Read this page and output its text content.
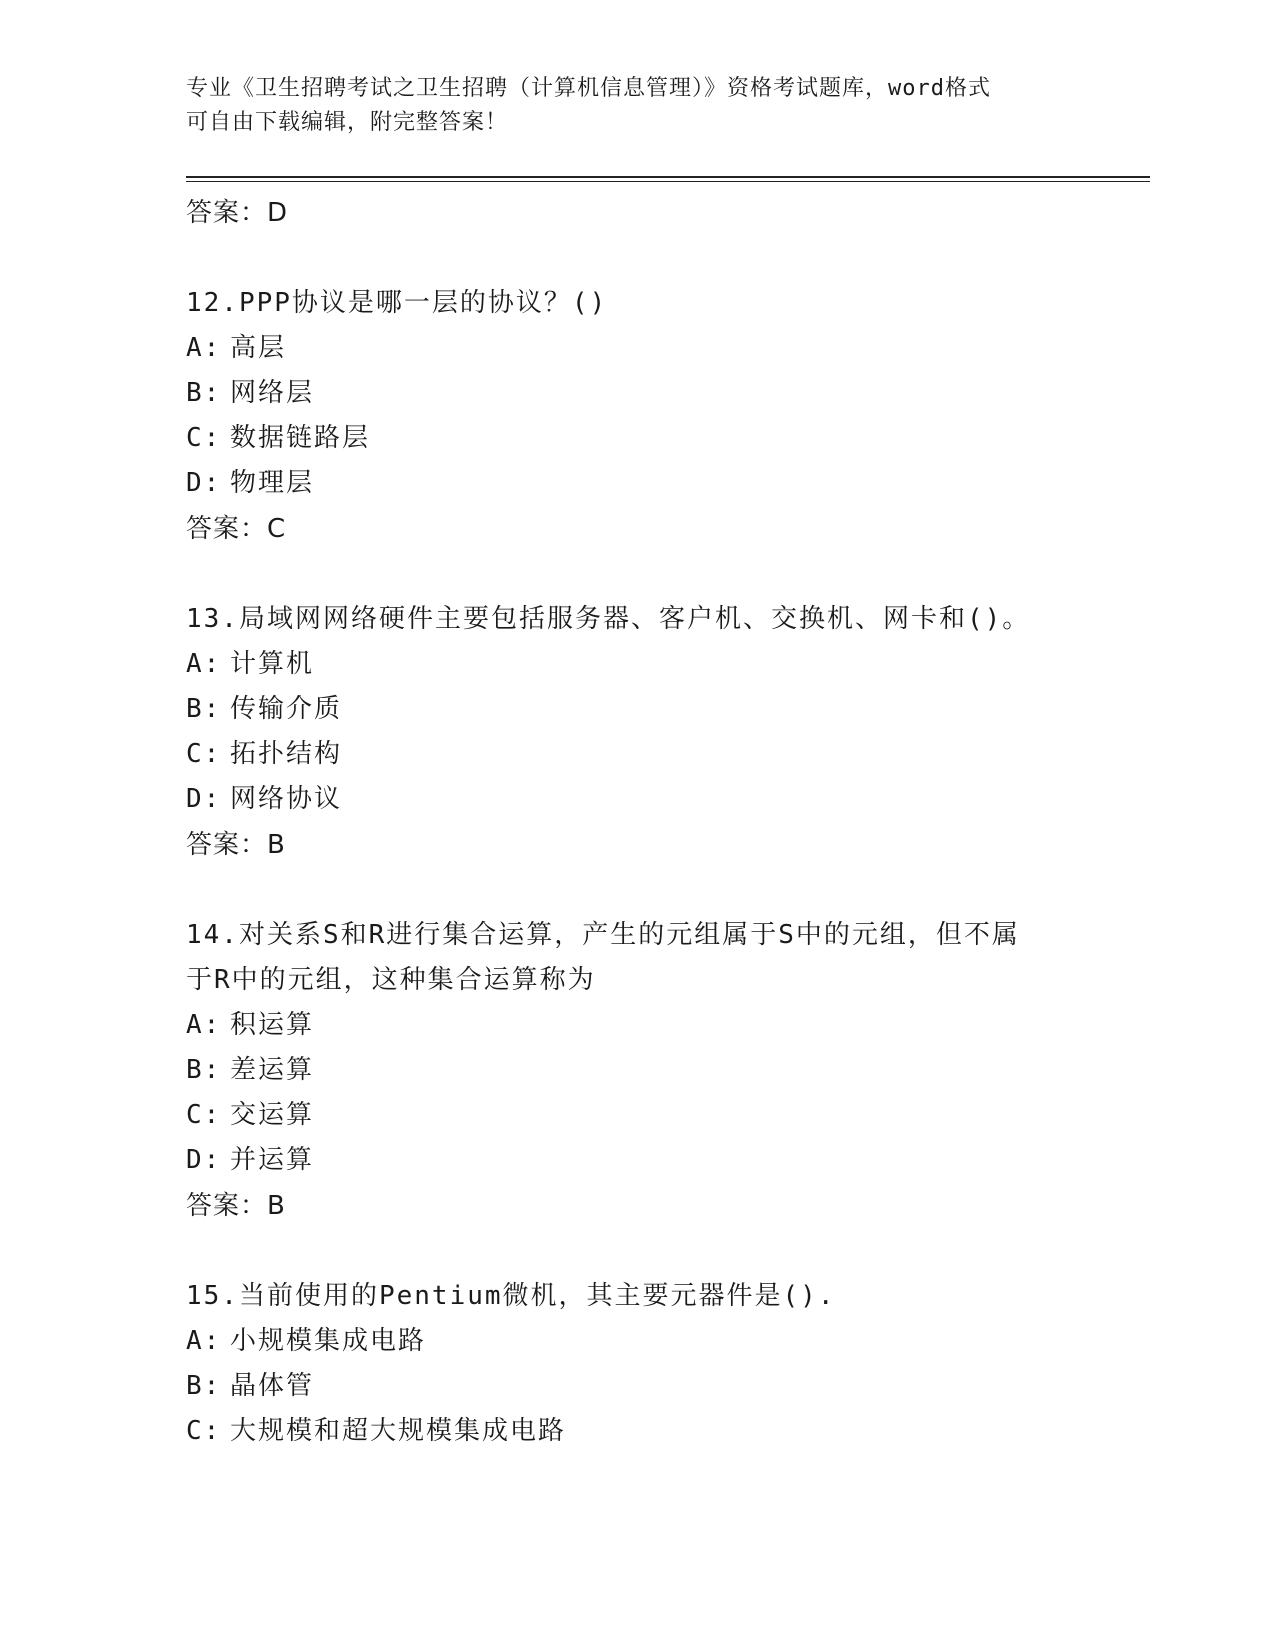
专业《卫生招聘考试之卫生招聘（计算机信息管理）》资格考试题库，word格式
可自由下载编辑，附完整答案！
答案：D
12.PPP协议是哪一层的协议？()
A: 高层
B: 网络层
C: 数据链路层
D: 物理层
答案：C
13.局域网网络硬件主要包括服务器、客户机、交换机、网卡和()。
A: 计算机
B: 传输介质
C: 拓扑结构
D: 网络协议
答案：B
14.对关系S和R进行集合运算，产生的元组属于S中的元组，但不属
于R中的元组，这种集合运算称为
A: 积运算
B: 差运算
C: 交运算
D: 并运算
答案：B
15.当前使用的Pentium微机，其主要元器件是().
A: 小规模集成电路
B: 晶体管
C: 大规模和超大规模集成电路
